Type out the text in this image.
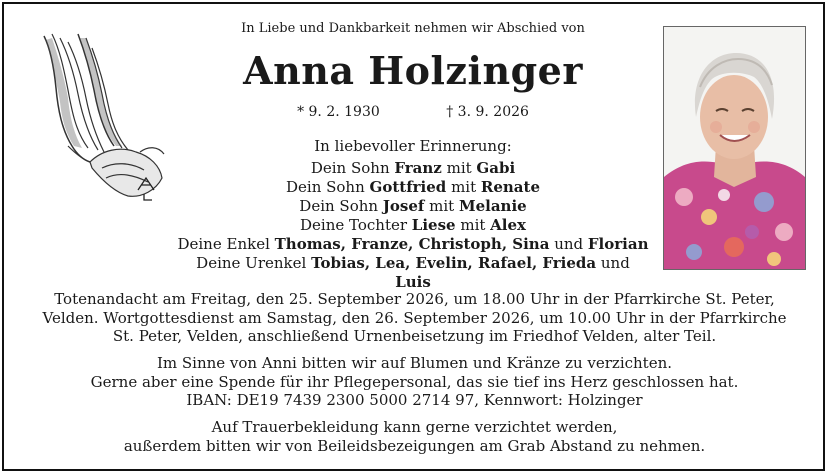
In Liebe und Dankbarkeit nehmen wir Abschied von
Anna Holzinger
* 9. 2. 1930	† 3. 9. 2026
In liebevoller Erinnerung:
Dein Sohn Franz mit Gabi
Dein Sohn Gottfried mit Renate
Dein Sohn Josef mit Melanie
Deine Tochter Liese mit Alex
Deine Enkel Thomas, Franze, Christoph, Sina und Florian
Deine Urenkel Tobias, Lea, Evelin, Rafael, Frieda und Luis
Totenandacht am Freitag, den 25. September 2026, um 18.00 Uhr in der Pfarrkirche St. Peter,
Velden. Wortgottesdienst am Samstag, den 26. September 2026, um 10.00 Uhr in der Pfarrkirche
St. Peter, Velden, anschließend Urnenbeisetzung im Friedhof Velden, alter Teil.
Im Sinne von Anni bitten wir auf Blumen und Kränze zu verzichten.
Gerne aber eine Spende für ihr Pflegepersonal, das sie tief ins Herz geschlossen hat.
IBAN: DE19 7439 2300 5000 2714 97, Kennwort: Holzinger
Auf Trauerbekleidung kann gerne verzichtet werden,
außerdem bitten wir von Beileidsbezeigungen am Grab Abstand zu nehmen.
